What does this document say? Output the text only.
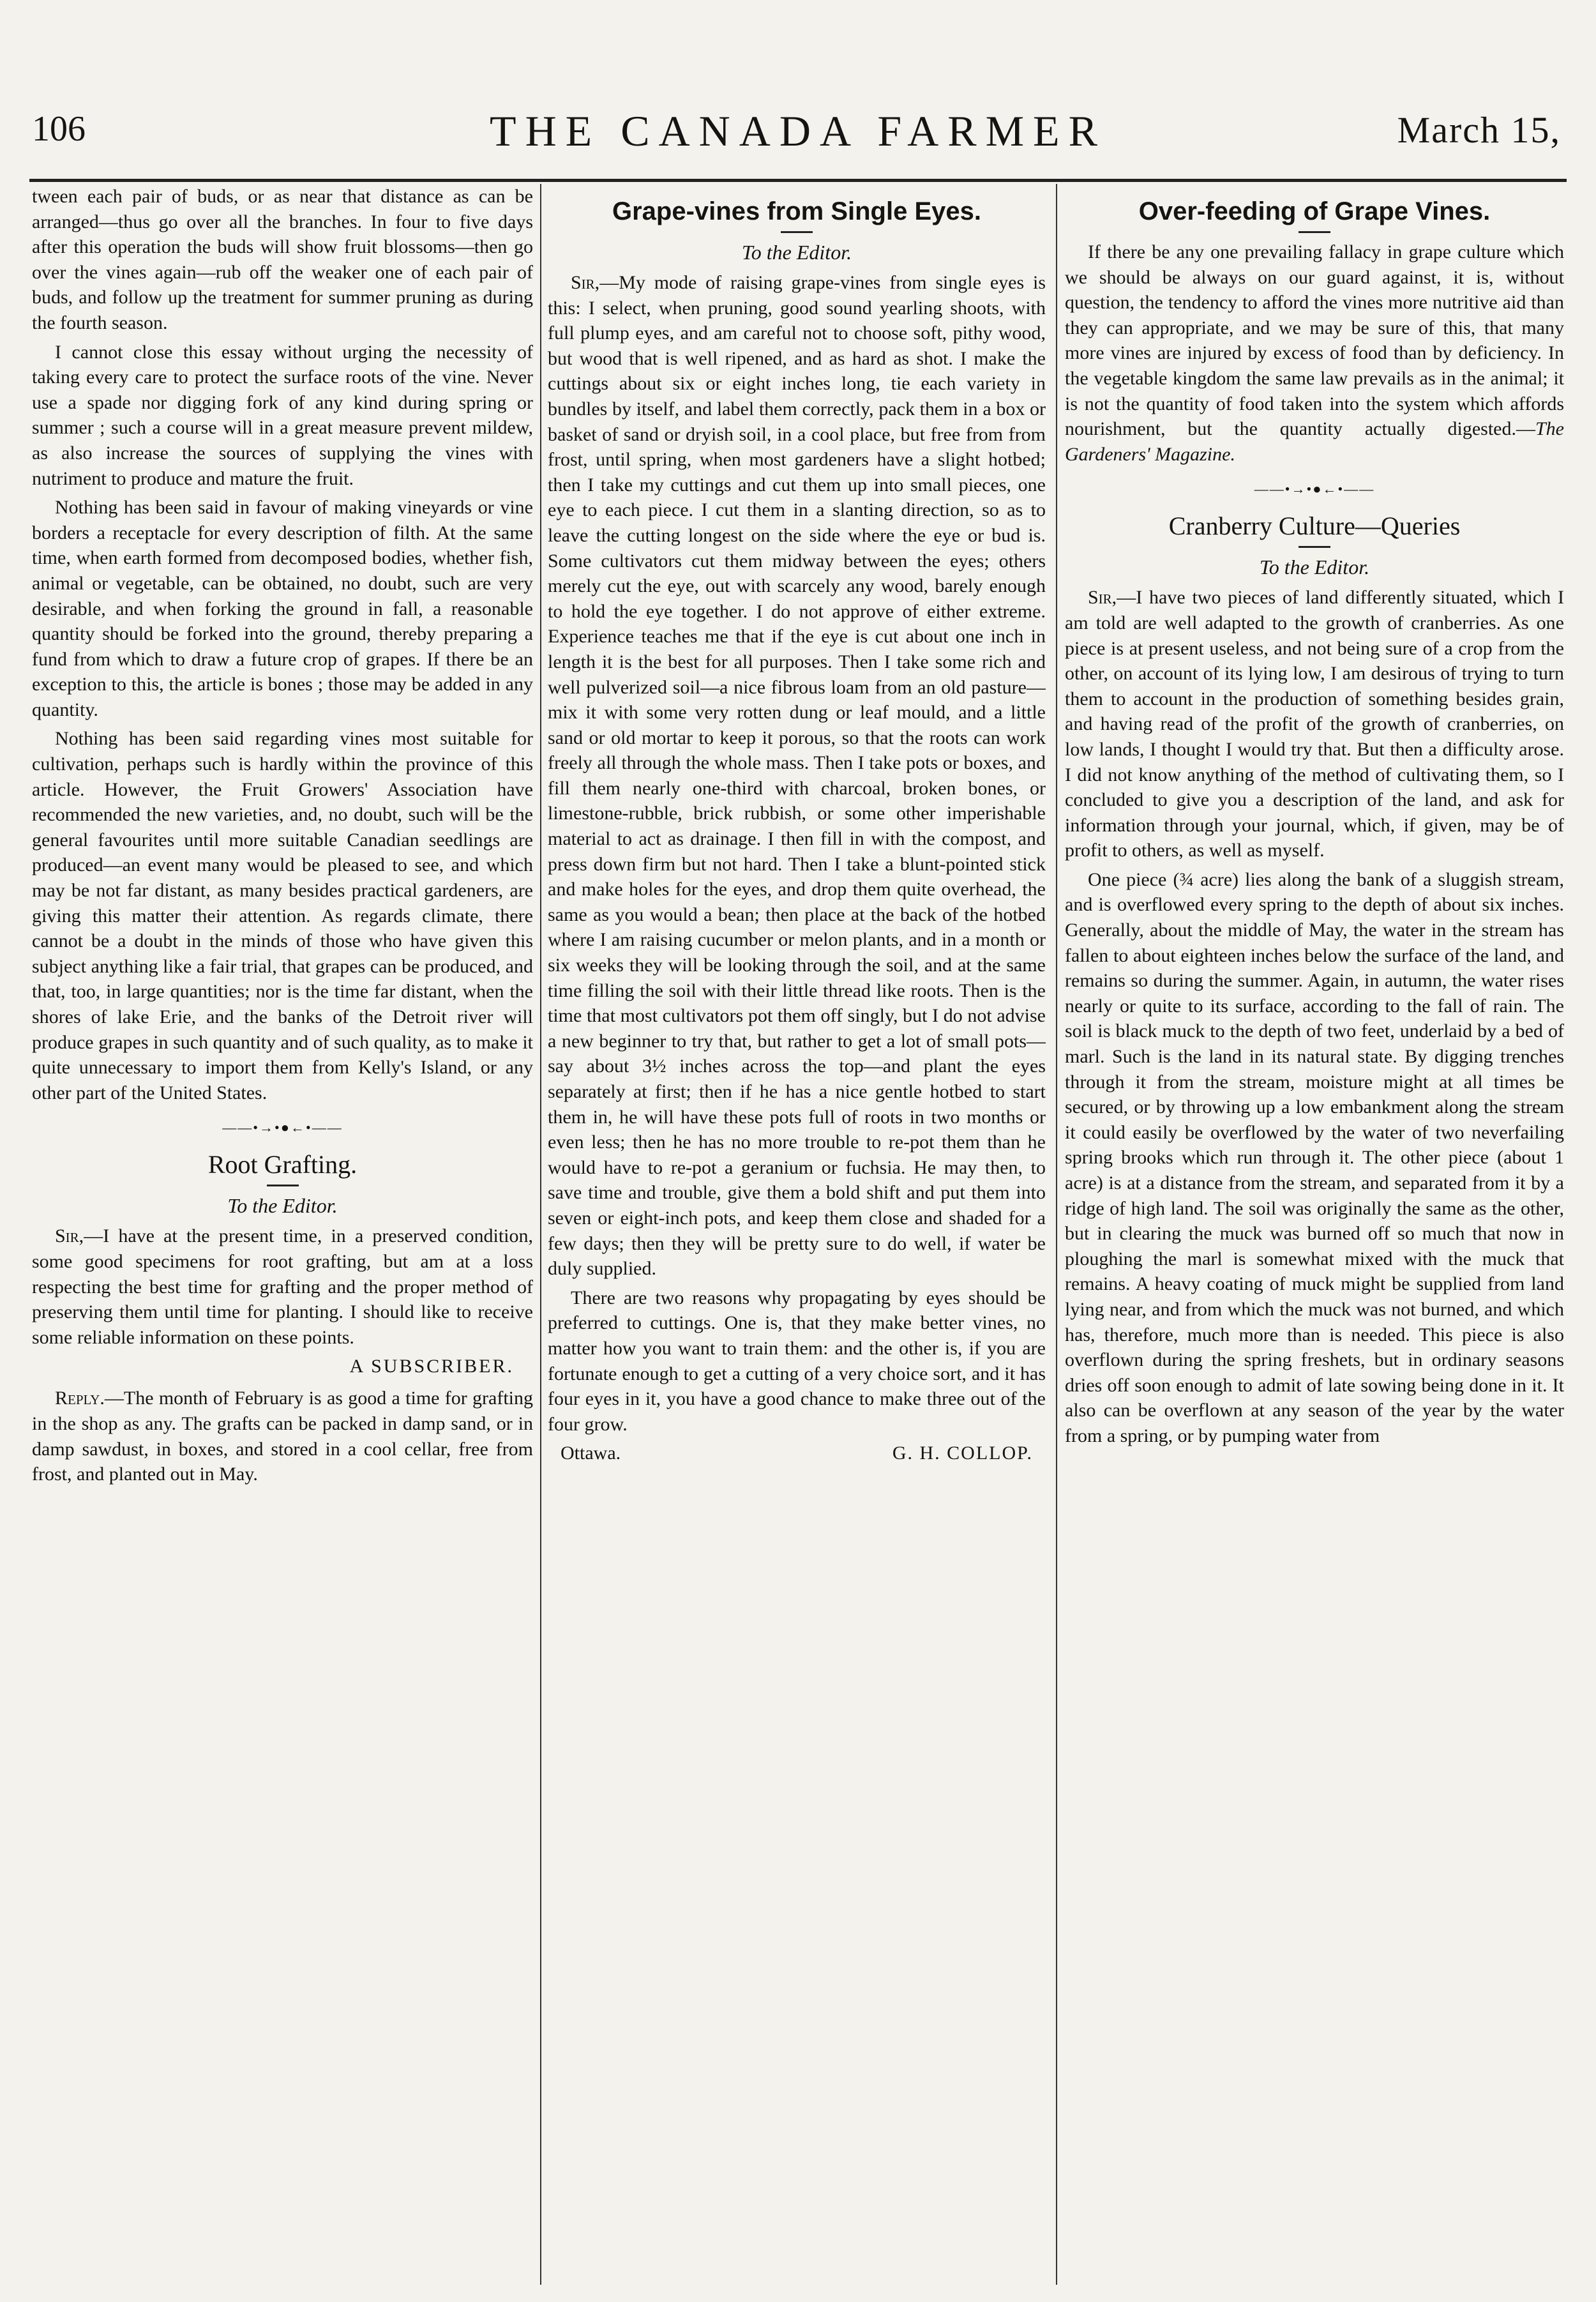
106	THE CANADA FARMER	March 15,

tween each pair of buds, or as near that distance as can be arranged—thus go over all the branches. In four to five days after this operation the buds will show fruit blossoms—then go over the vines again—rub off the weaker one of each pair of buds, and follow up the treatment for summer pruning as during the fourth season.

I cannot close this essay without urging the necessity of taking every care to protect the surface roots of the vine. Never use a spade nor digging fork of any kind during spring or summer ; such a course will in a great measure prevent mildew, as also increase the sources of supplying the vines with nutriment to produce and mature the fruit.

Nothing has been said in favour of making vineyards or vine borders a receptacle for every description of filth. At the same time, when earth formed from decomposed bodies, whether fish, animal or vegetable, can be obtained, no doubt, such are very desirable, and when forking the ground in fall, a reasonable quantity should be forked into the ground, thereby preparing a fund from which to draw a future crop of grapes. If there be an exception to this, the article is bones ; those may be added in any quantity.

Nothing has been said regarding vines most suitable for cultivation, perhaps such is hardly within the province of this article. However, the Fruit Growers' Association have recommended the new varieties, and, no doubt, such will be the general favourites until more suitable Canadian seedlings are produced—an event many would be pleased to see, and which may be not far distant, as many besides practical gardeners, are giving this matter their attention. As regards climate, there cannot be a doubt in the minds of those who have given this subject anything like a fair trial, that grapes can be produced, and that, too, in large quantities; nor is the time far distant, when the shores of lake Erie, and the banks of the Detroit river will produce grapes in such quantity and of such quality, as to make it quite unnecessary to import them from Kelly's Island, or any other part of the United States.

——•→•●←•——
Root Grafting.
To the Editor.

Sir,—I have at the present time, in a preserved condition, some good specimens for root grafting, but am at a loss respecting the best time for grafting and the proper method of preserving them until time for planting. I should like to receive some reliable information on these points.

A SUBSCRIBER.

Reply.—The month of February is as good a time for grafting in the shop as any. The grafts can be packed in damp sand, or in damp sawdust, in boxes, and stored in a cool cellar, free from frost, and planted out in May.

Grape-vines from Single Eyes.
To the Editor.

Sir,—My mode of raising grape-vines from single eyes is this: I select, when pruning, good sound yearling shoots, with full plump eyes, and am careful not to choose soft, pithy wood, but wood that is well ripened, and as hard as shot. I make the cuttings about six or eight inches long, tie each variety in bundles by itself, and label them correctly, pack them in a box or basket of sand or dryish soil, in a cool place, but free from from frost, until spring, when most gardeners have a slight hotbed; then I take my cuttings and cut them up into small pieces, one eye to each piece. I cut them in a slanting direction, so as to leave the cutting longest on the side where the eye or bud is. Some cultivators cut them midway between the eyes; others merely cut the eye, out with scarcely any wood, barely enough to hold the eye together. I do not approve of either extreme. Experience teaches me that if the eye is cut about one inch in length it is the best for all purposes. Then I take some rich and well pulverized soil—a nice fibrous loam from an old pasture—mix it with some very rotten dung or leaf mould, and a little sand or old mortar to keep it porous, so that the roots can work freely all through the whole mass. Then I take pots or boxes, and fill them nearly one-third with charcoal, broken bones, or limestone-rubble, brick rubbish, or some other imperishable material to act as drainage. I then fill in with the compost, and press down firm but not hard. Then I take a blunt-pointed stick and make holes for the eyes, and drop them quite overhead, the same as you would a bean; then place at the back of the hotbed where I am raising cucumber or melon plants, and in a month or six weeks they will be looking through the soil, and at the same time filling the soil with their little thread like roots. Then is the time that most cultivators pot them off singly, but I do not advise a new beginner to try that, but rather to get a lot of small pots—say about 3½ inches across the top—and plant the eyes separately at first; then if he has a nice gentle hotbed to start them in, he will have these pots full of roots in two months or even less; then he has no more trouble to re-pot them than he would have to re-pot a geranium or fuchsia. He may then, to save time and trouble, give them a bold shift and put them into seven or eight-inch pots, and keep them close and shaded for a few days; then they will be pretty sure to do well, if water be duly supplied.

There are two reasons why propagating by eyes should be preferred to cuttings. One is, that they make better vines, no matter how you want to train them: and the other is, if you are fortunate enough to get a cutting of a very choice sort, and it has four eyes in it, you have a good chance to make three out of the four grow.

Ottawa.	G. H. COLLOP.
Over-feeding of Grape Vines.

If there be any one prevailing fallacy in grape culture which we should be always on our guard against, it is, without question, the tendency to afford the vines more nutritive aid than they can appropriate, and we may be sure of this, that many more vines are injured by excess of food than by deficiency. In the vegetable kingdom the same law prevails as in the animal; it is not the quantity of food taken into the system which affords nourishment, but the quantity actually digested.—The Gardeners' Magazine.

——•→•●←•——
Cranberry Culture—Queries
To the Editor.

Sir,—I have two pieces of land differently situated, which I am told are well adapted to the growth of cranberries. As one piece is at present useless, and not being sure of a crop from the other, on account of its lying low, I am desirous of trying to turn them to account in the production of something besides grain, and having read of the profit of the growth of cranberries, on low lands, I thought I would try that. But then a difficulty arose. I did not know anything of the method of cultivating them, so I concluded to give you a description of the land, and ask for information through your journal, which, if given, may be of profit to others, as well as myself.

One piece (¾ acre) lies along the bank of a sluggish stream, and is overflowed every spring to the depth of about six inches. Generally, about the middle of May, the water in the stream has fallen to about eighteen inches below the surface of the land, and remains so during the summer. Again, in autumn, the water rises nearly or quite to its surface, according to the fall of rain. The soil is black muck to the depth of two feet, underlaid by a bed of marl. Such is the land in its natural state. By digging trenches through it from the stream, moisture might at all times be secured, or by throwing up a low embankment along the stream it could easily be overflowed by the water of two neverfailing spring brooks which run through it. The other piece (about 1 acre) is at a distance from the stream, and separated from it by a ridge of high land. The soil was originally the same as the other, but in clearing the muck was burned off so much that now in ploughing the marl is somewhat mixed with the muck that remains. A heavy coating of muck might be supplied from land lying near, and from which the muck was not burned, and which has, therefore, much more than is needed. This piece is also overflown during the spring freshets, but in ordinary seasons dries off soon enough to admit of late sowing being done in it. It also can be overflown at any season of the year by the water from a spring, or by pumping water from
